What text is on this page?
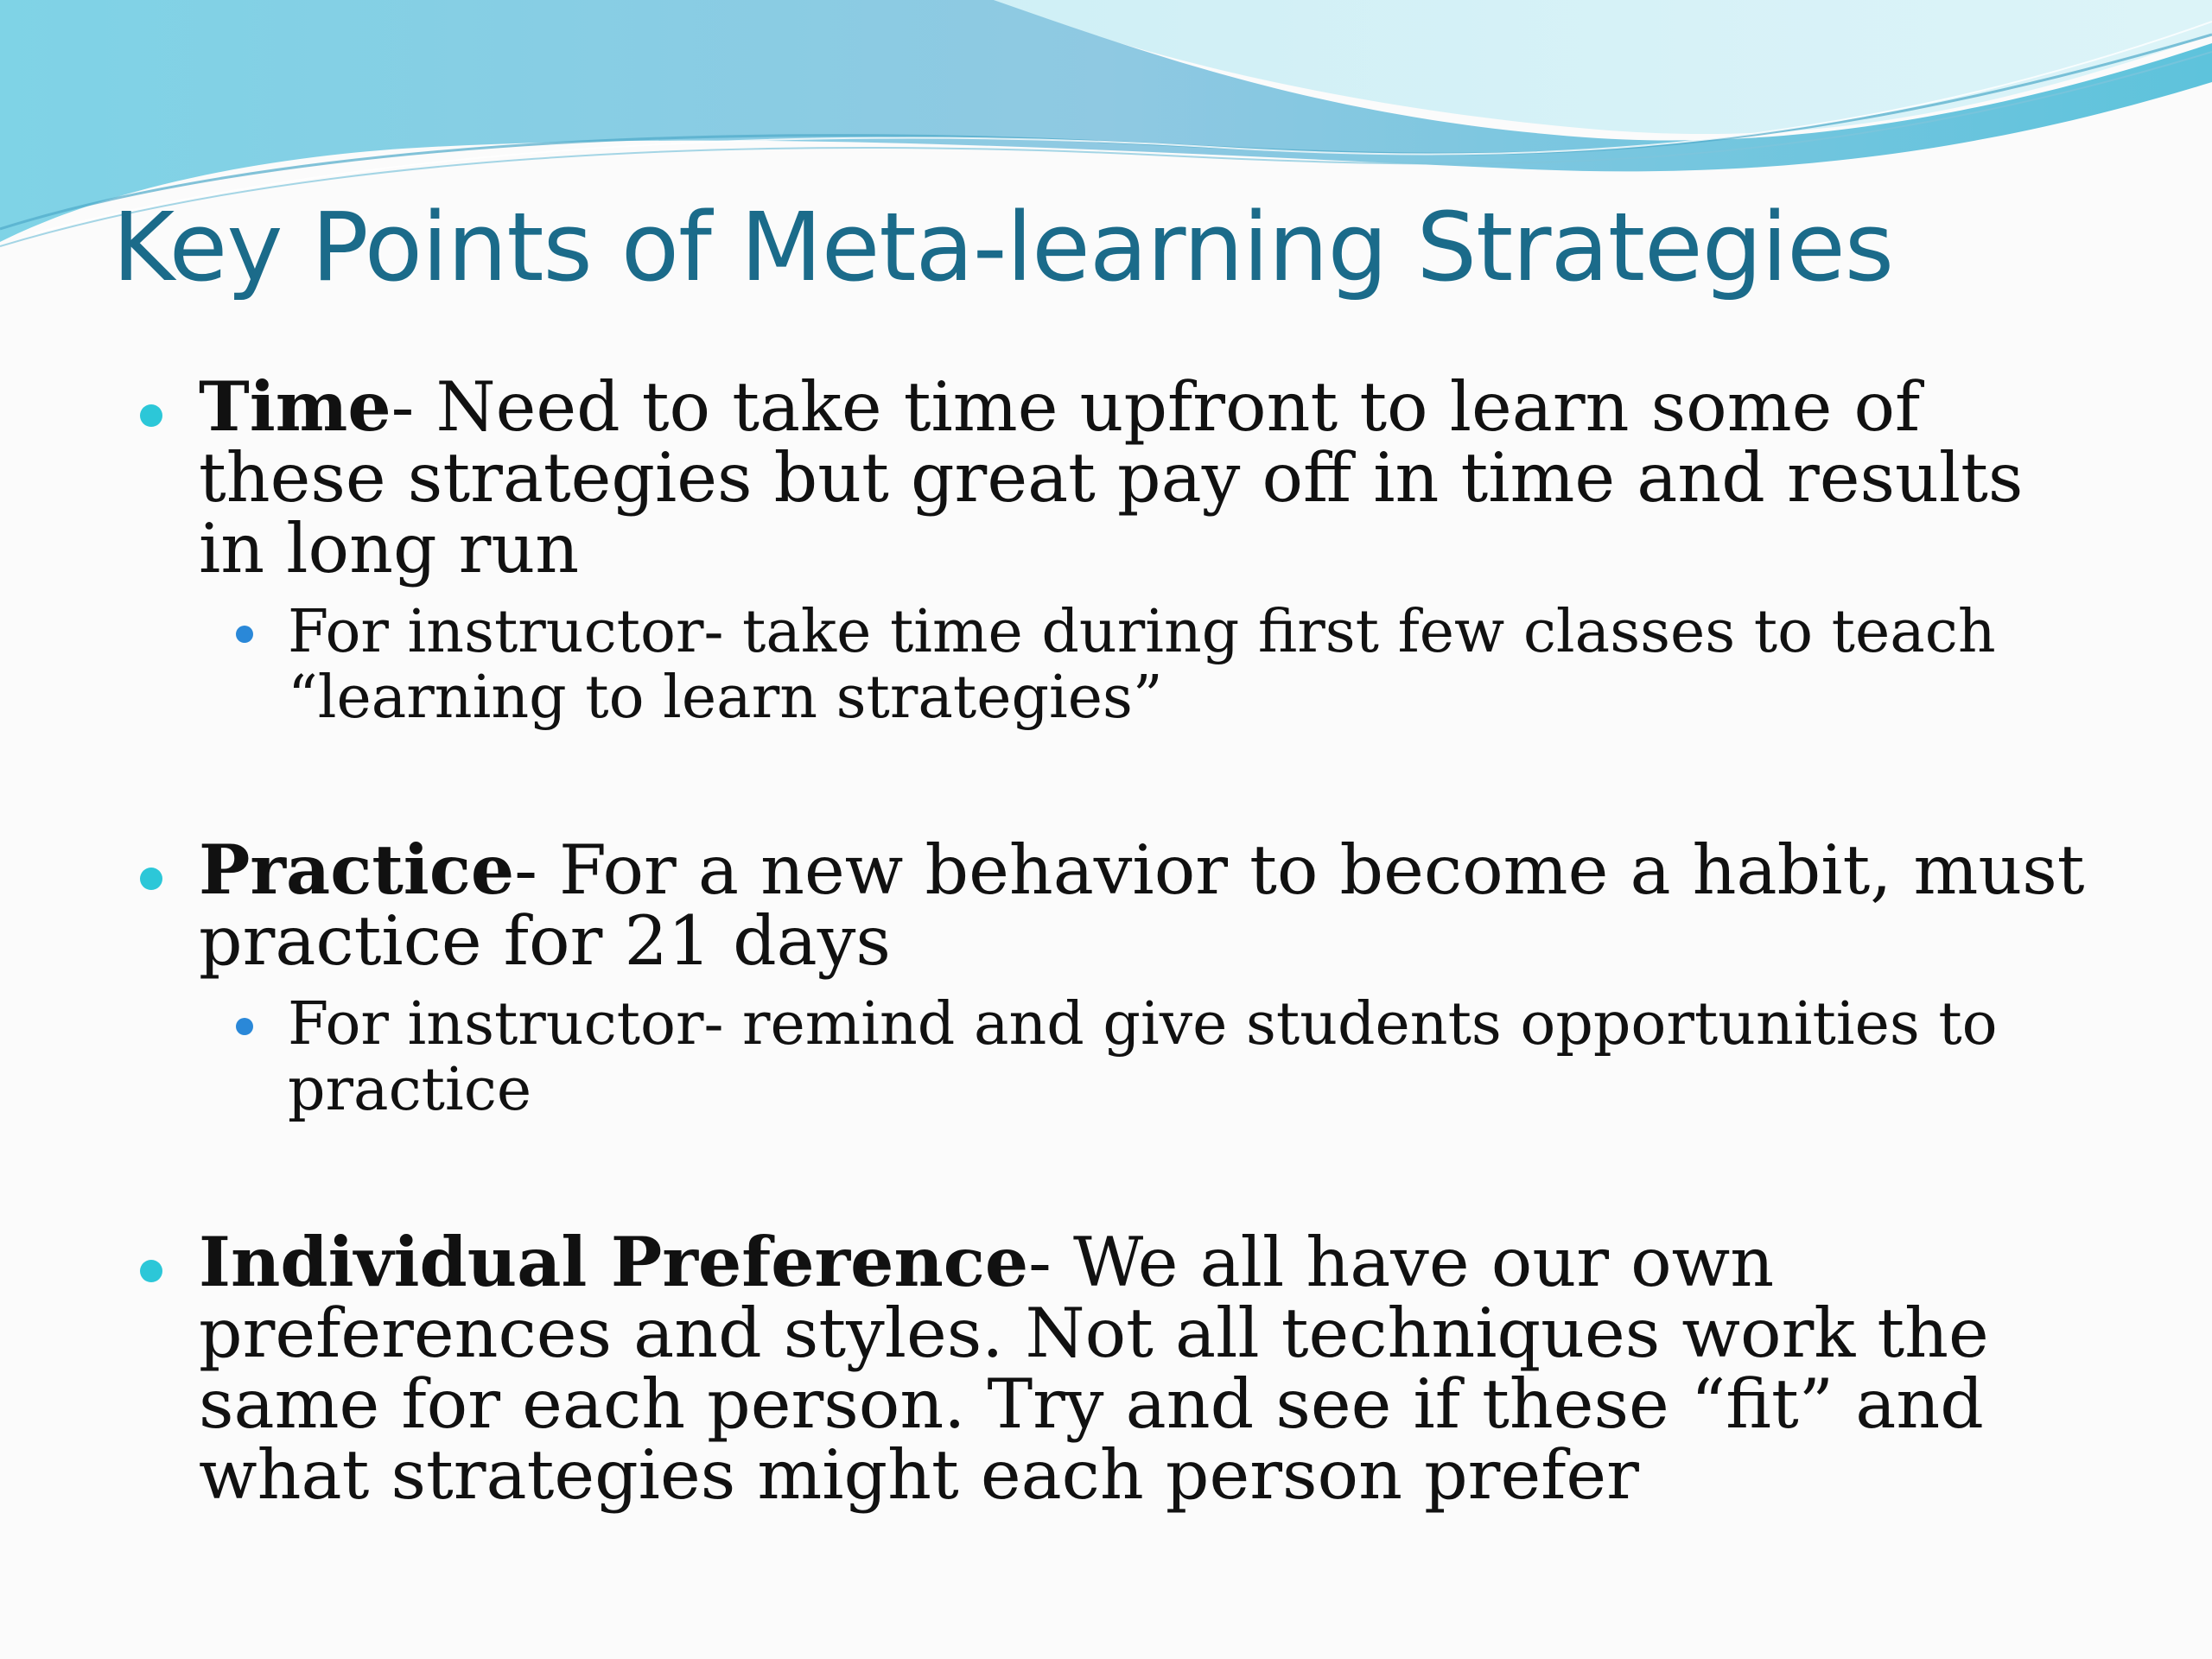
Key Points of Meta-learning Strategies
Time- Need to take time upfront to learn some of these strategies but great pay off in time and results in long run
For instructor- take time during first few classes to teach “learning to learn strategies”
Practice- For a new behavior to become a habit, must practice for 21 days
For instructor- remind and give students opportunities to practice
Individual Preference- We all have our own preferences and styles. Not all techniques work the same for each person. Try and see if these “fit” and what strategies might each person prefer
